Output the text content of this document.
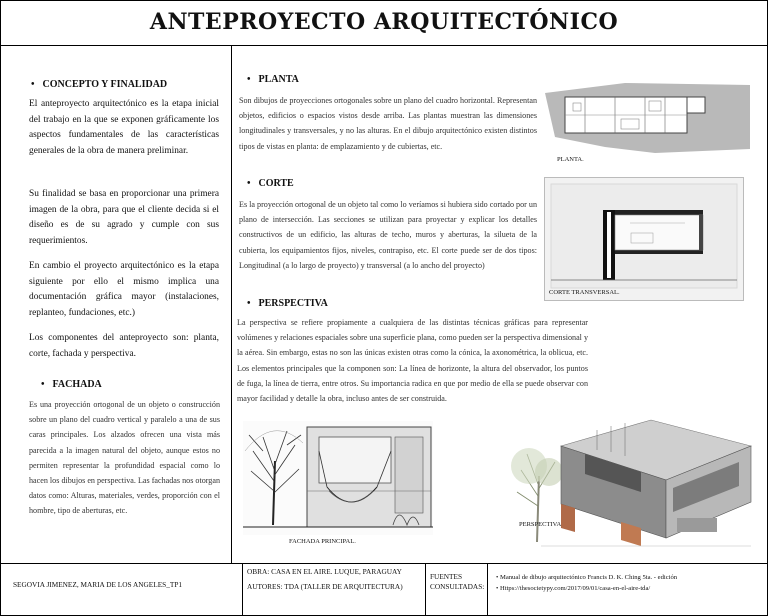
ANTEPROYECTO ARQUITECTÓNICO
• CONCEPTO Y FINALIDAD

El anteproyecto arquitectónico es la etapa inicial del trabajo en la que se exponen gráficamente los aspectos fundamentales de las características generales de la obra de manera preliminar.

Su finalidad se basa en proporcionar una primera imagen de la obra, para que el cliente decida si el diseño es de su agrado y cumple con sus requerimientos.

En cambio el proyecto arquitectónico es la etapa siguiente por ello el mismo implica una documentación gráfica mayor (instalaciones, replanteo, fundaciones, etc.)

Los componentes del anteproyecto son: planta, corte, fachada y perspectiva.

• FACHADA

Es una proyección ortogonal de un objeto o construcción sobre un plano del cuadro vertical y paralelo a una de sus caras principales. Los alzados ofrecen una vista más parecida a la imagen natural del objeto, aunque estos no permiten representar la profundidad espacial como lo hacen los dibujos en perspectiva. Las fachadas nos otorgan datos como: Alturas, materiales, verdes, proporción con el hombre, tipo de aberturas, etc.

• PLANTA

Son dibujos de proyecciones ortogonales sobre un plano del cuadro horizontal. Representan objetos, edificios o espacios vistos desde arriba. Las plantas muestran las dimensiones longitudinales y transversales, y no las alturas. En el dibujo arquitectónico existen distintos tipos de vistas en planta: de emplazamiento y de cubiertas, etc.

PLANTA.
• CORTE

Es la proyección ortogonal de un objeto tal como lo veríamos si hubiera sido cortado por un plano de intersección. Las secciones se utilizan para proyectar y explicar los detalles constructivos de un edificio, las alturas de techo, muros y aberturas, la silueta de la cubierta, los equipamientos fijos, niveles, contrapiso, etc. El corte puede ser de dos tipos: Longitudinal (a lo largo de proyecto) y transversal (a lo ancho del proyecto)

CORTE TRANSVERSAL.
• PERSPECTIVA

La perspectiva se refiere propiamente a cualquiera de las distintas técnicas gráficas para representar volúmenes y relaciones espaciales sobre una superficie plana, como pueden ser la perspectiva dimensional y la aérea. Sin embargo, estas no son las únicas existen otras como la cónica, la axonométrica, la oblicua, etc. Los elementos principales que la componen son: La línea de horizonte, la altura del observador, los puntos de fuga, la línea de tierra, entre otros. Su importancia radica en que por medio de ella se puede observar con mayor facilidad y detalle la obra, incluso antes de ser construida.

FACHADA PRINCIPAL.
PERSPECTIVA
SEGOVIA JIMENEZ, MARIA DE LOS ANGELES_TP1
OBRA: CASA EN EL AIRE. LUQUE, PARAGUAY
AUTORES: TDA (TALLER DE ARQUITECTURA)
FUENTES
CONSULTADAS:
• Manual de dibujo arquitectónico Francis D. K. Ching 5ta. - edición
• Https://thesocietypy.com/2017/09/01/casa-en-el-aire-tda/
